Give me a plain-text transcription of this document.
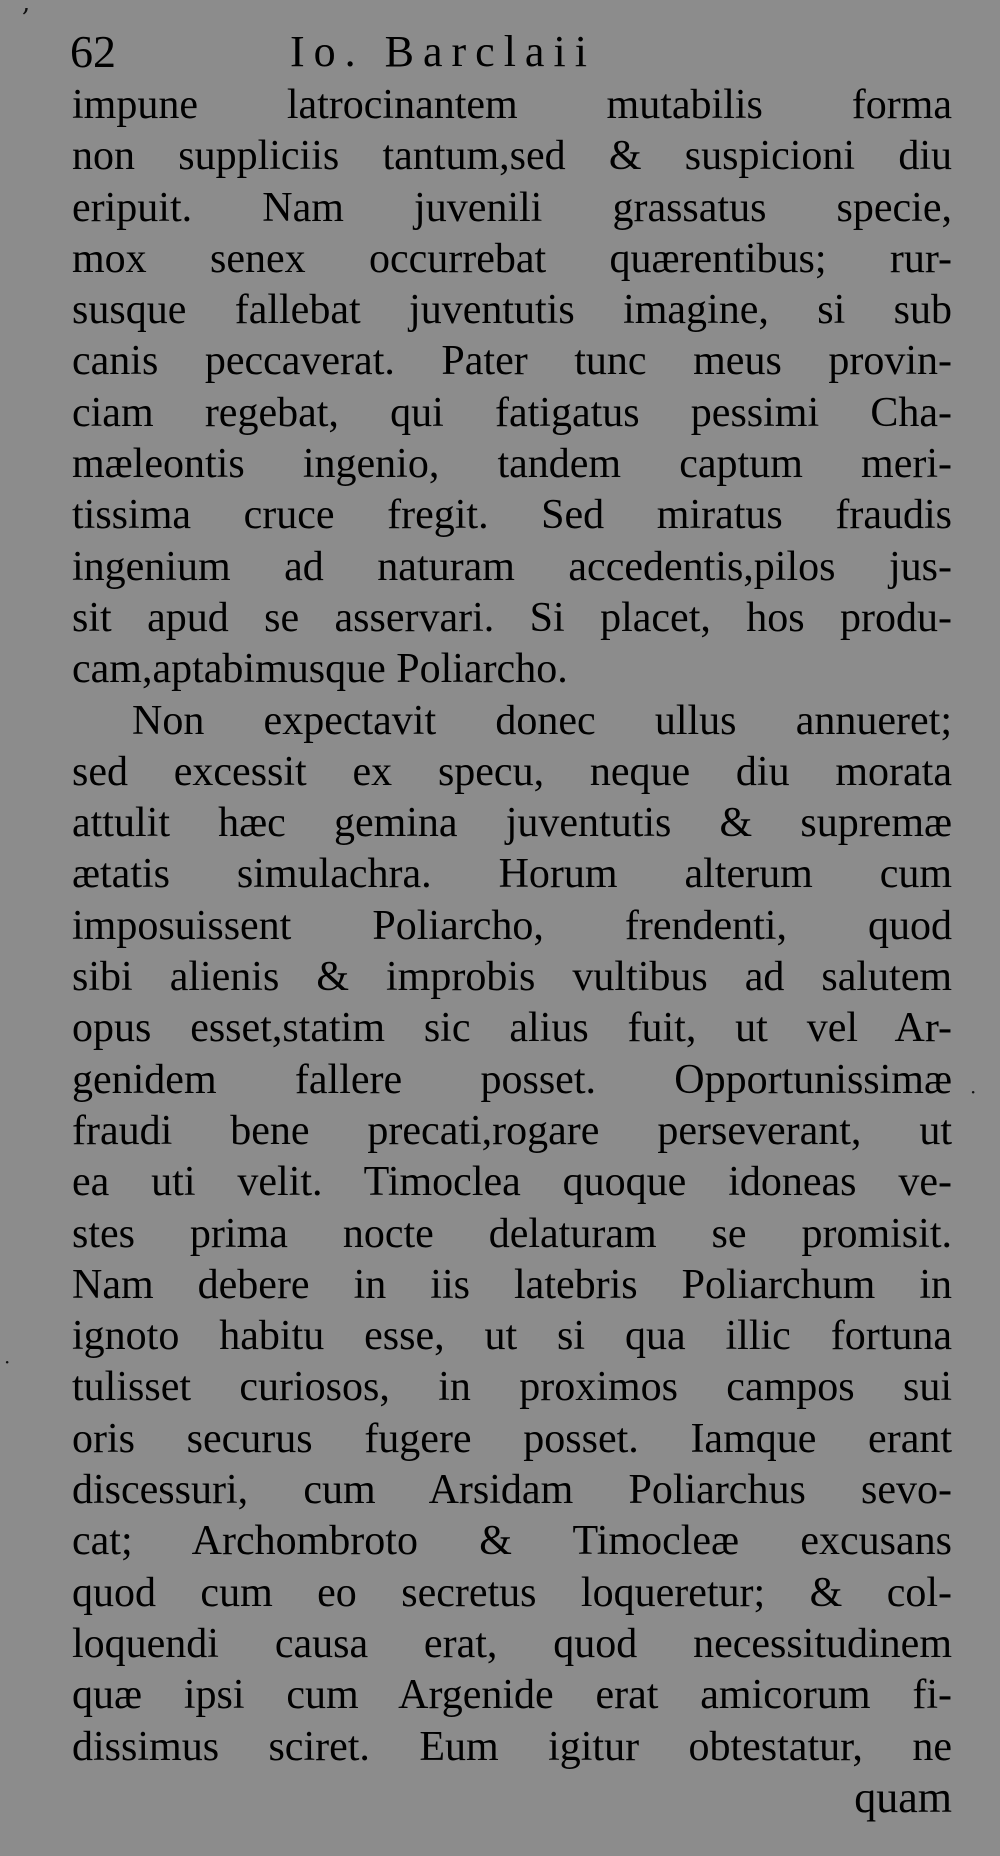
,
·
·
62	Io. Barclaii
impune latrocinantem mutabilis forma
non suppliciis tantum,sed & suspicioni diu
eripuit. Nam juvenili grassatus specie,
mox senex occurrebat quærentibus; rur-
susque fallebat juventutis imagine, si sub
canis peccaverat. Pater tunc meus provin-
ciam regebat, qui fatigatus pessimi Cha-
mæleontis ingenio, tandem captum meri-
tissima cruce fregit. Sed miratus fraudis
ingenium ad naturam accedentis,pilos jus-
sit apud se asservari. Si placet, hos produ-
cam,aptabimusque Poliarcho.
Non expectavit donec ullus annueret;
sed excessit ex specu, neque diu morata
attulit hæc gemina juventutis & supremæ
ætatis simulachra. Horum alterum cum
imposuissent Poliarcho, frendenti, quod
sibi alienis & improbis vultibus ad salutem
opus esset,statim sic alius fuit, ut vel Ar-
genidem fallere posset. Opportunissimæ
fraudi bene precati,rogare perseverant, ut
ea uti velit. Timoclea quoque idoneas ve-
stes prima nocte delaturam se promisit.
Nam debere in iis latebris Poliarchum in
ignoto habitu esse, ut si qua illic fortuna
tulisset curiosos, in proximos campos sui
oris securus fugere posset. Iamque erant
discessuri, cum Arsidam Poliarchus sevo-
cat; Archombroto & Timocleæ excusans
quod cum eo secretus loqueretur; & col-
loquendi causa erat, quod necessitudinem
quæ ipsi cum Argenide erat amicorum fi-
dissimus sciret. Eum igitur obtestatur, ne
quam
